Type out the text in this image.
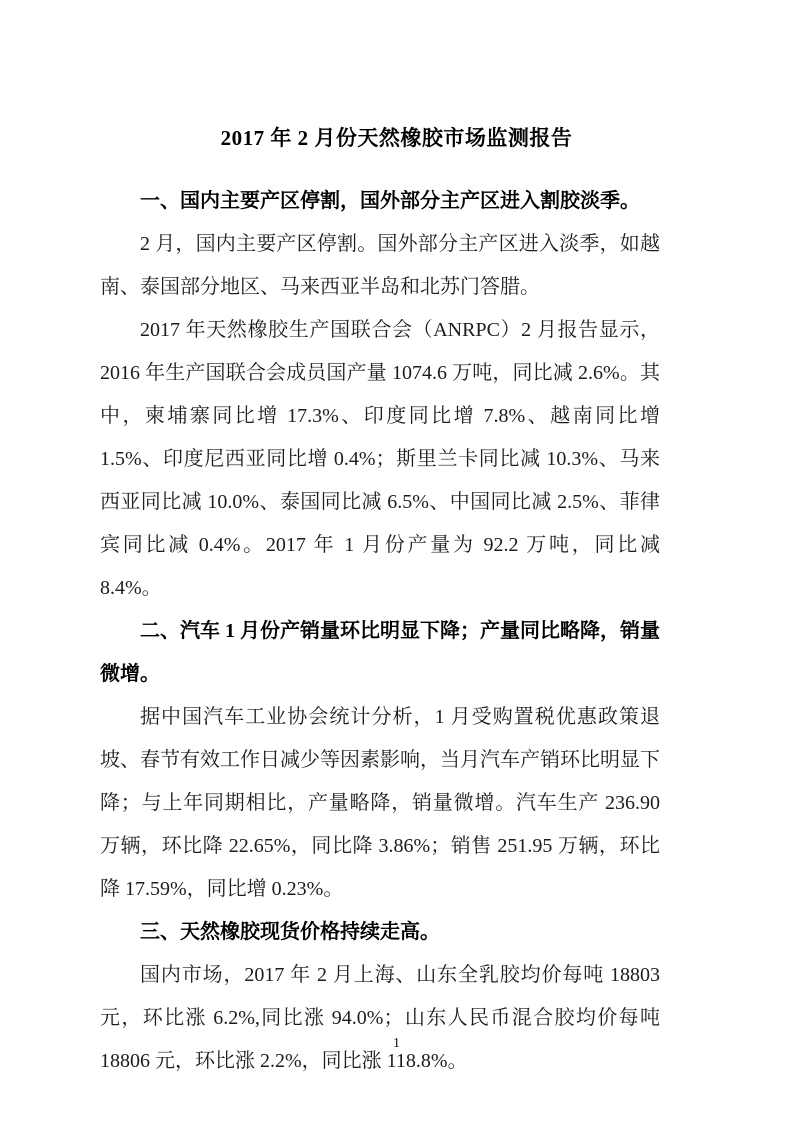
2017 年 2 月份天然橡胶市场监测报告
一、国内主要产区停割，国外部分主产区进入割胶淡季。

2 月，国内主要产区停割。国外部分主产区进入淡季，如越南、泰国部分地区、马来西亚半岛和北苏门答腊。

2017 年天然橡胶生产国联合会（ANRPC）2 月报告显示，2016 年生产国联合会成员国产量 1074.6 万吨，同比减 2.6%。其中，柬埔寨同比增 17.3%、印度同比增 7.8%、越南同比增 1.5%、印度尼西亚同比增 0.4%；斯里兰卡同比减 10.3%、马来西亚同比减 10.0%、泰国同比减 6.5%、中国同比减 2.5%、菲律宾同比减 0.4%。2017 年 1 月份产量为 92.2 万吨，同比减 8.4%。

二、汽车 1 月份产销量环比明显下降；产量同比略降，销量微增。

据中国汽车工业协会统计分析，1 月受购置税优惠政策退坡、春节有效工作日减少等因素影响，当月汽车产销环比明显下降；与上年同期相比，产量略降，销量微增。汽车生产 236.90 万辆，环比降 22.65%，同比降 3.86%；销售 251.95 万辆，环比降 17.59%，同比增 0.23%。

三、天然橡胶现货价格持续走高。

国内市场，2017 年 2 月上海、山东全乳胶均价每吨 18803 元，环比涨 6.2%,同比涨 94.0%；山东人民币混合胶均价每吨 18806 元，环比涨 2.2%，同比涨 118.8%。

1
